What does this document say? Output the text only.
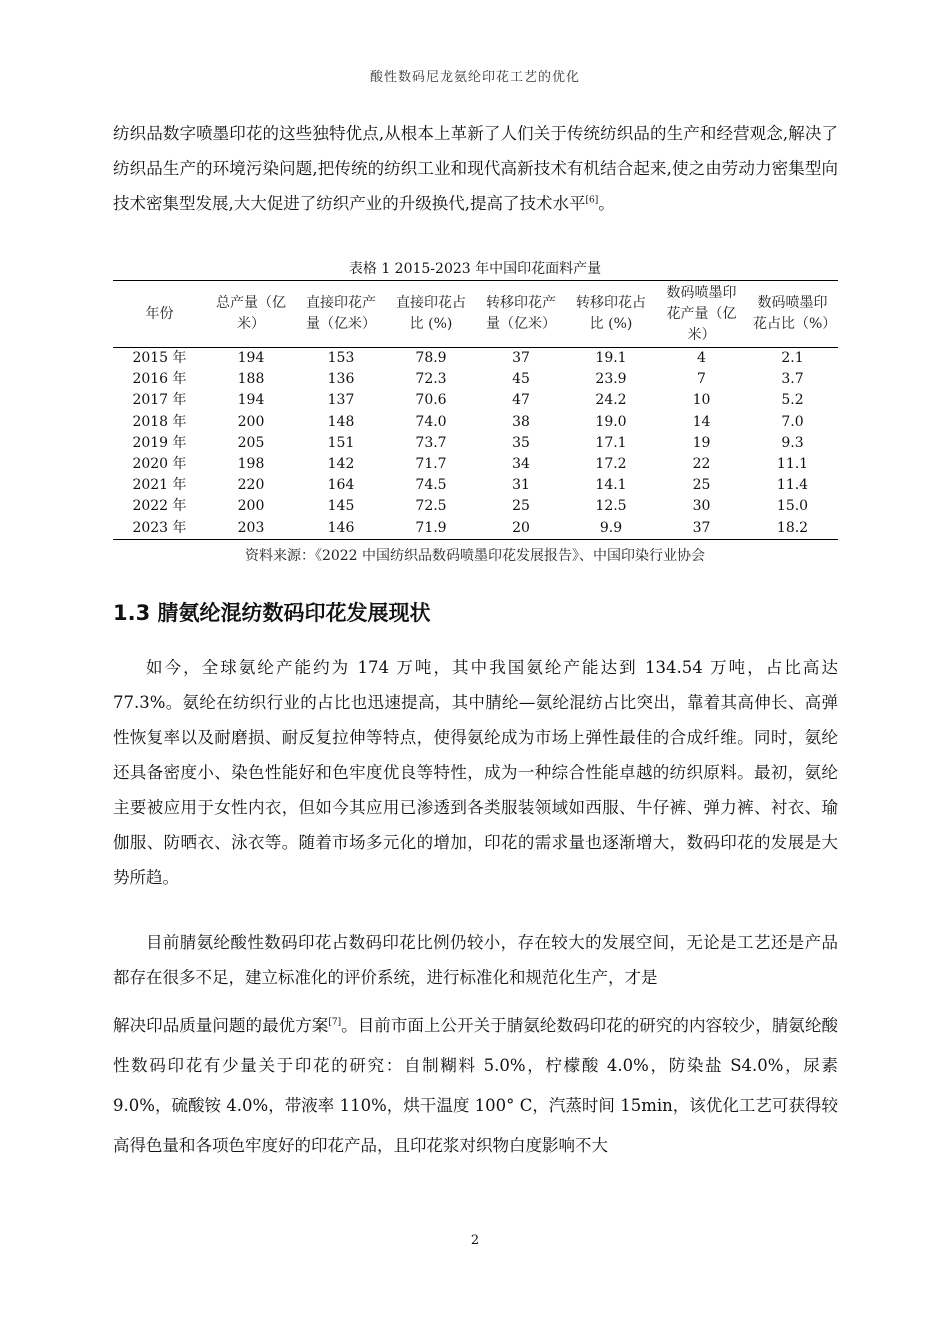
酸性数码尼龙氨纶印花工艺的优化

纺织品数字喷墨印花的这些独特优点,从根本上革新了人们关于传统纺织品的生产和经营观念,解决了纺织品生产的环境污染问题,把传统的纺织工业和现代高新技术有机结合起来,使之由劳动力密集型向技术密集型发展,大大促进了纺织产业的升级换代,提高了技术水平[6]。

表格 1 2015-2023 年中国印花面料产量
年份	总产量（亿米）	直接印花产量（亿米）	直接印花占比 (%)	转移印花产量（亿米）	转移印花占比 (%)	数码喷墨印花产量（亿 米）	数码喷墨印花占比（%）
2015 年	194	153	78.9	37	19.1	4	2.1
2016 年	188	136	72.3	45	23.9	7	3.7
2017 年	194	137	70.6	47	24.2	10	5.2
2018 年	200	148	74.0	38	19.0	14	7.0
2019 年	205	151	73.7	35	17.1	19	9.3
2020 年	198	142	71.7	34	17.2	22	11.1
2021 年	220	164	74.5	31	14.1	25	11.4
2022 年	200	145	72.5	25	12.5	30	15.0
2023 年	203	146	71.9	20	9.9	37	18.2
资料来源：《2022 中国纺织品数码喷墨印花发展报告》、中国印染行业协会
1.3 腈氨纶混纺数码印花发展现状

如今，全球氨纶产能约为 174 万吨，其中我国氨纶产能达到 134.54 万吨，占比高达 77.3%。氨纶在纺织行业的占比也迅速提高，其中腈纶—氨纶混纺占比突出，靠着其高伸长、高弹性恢复率以及耐磨损、耐反复拉伸等特点，使得氨纶成为市场上弹性最佳的合成纤维。同时，氨纶还具备密度小、染色性能好和色牢度优良等特性，成为一种综合性能卓越的纺织原料。最初，氨纶主要被应用于女性内衣，但如今其应用已渗透到各类服装领域如西服、牛仔裤、弹力裤、衬衣、瑜伽服、防晒衣、泳衣等。随着市场多元化的增加，印花的需求量也逐渐增大，数码印花的发展是大势所趋。

目前腈氨纶酸性数码印花占数码印花比例仍较小，存在较大的发展空间，无论是工艺还是产品都存在很多不足，建立标准化的评价系统，进行标准化和规范化生产，才是

解决印品质量问题的最优方案[7]。目前市面上公开关于腈氨纶数码印花的研究的内容较少，腈氨纶酸性数码印花有少量关于印花的研究：自制糊料 5.0%，柠檬酸 4.0%，防染盐 S4.0%，尿素 9.0%，硫酸铵 4.0%，带液率 110%，烘干温度 100° C，汽蒸时间 15min，该优化工艺可获得较高得色量和各项色牢度好的印花产品，且印花浆对织物白度影响不大

2
